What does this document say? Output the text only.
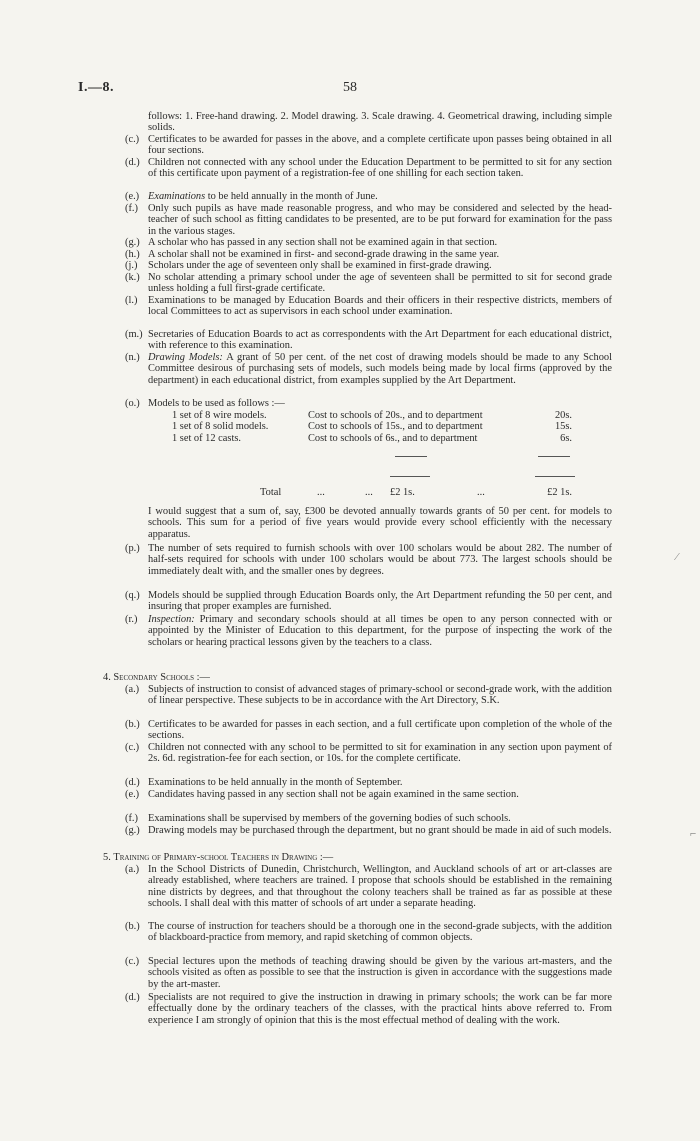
I.—8.	58
follows: 1. Free-hand drawing. 2. Model drawing. 3. Scale drawing. 4. Geometrical drawing, including simple solids.
(c.) Certificates to be awarded for passes in the above, and a complete certificate upon passes being obtained in all four sections.
(d.) Children not connected with any school under the Education Department to be permitted to sit for any section of this certificate upon payment of a registration-fee of one shilling for each section taken.
(e.) Examinations to be held annually in the month of June.
(f.) Only such pupils as have made reasonable progress, and who may be considered and selected by the head-teacher of such school as fitting candidates to be presented, are to be put forward for examination for the pass in the various stages.
(g.) A scholar who has passed in any section shall not be examined again in that section.
(h.) A scholar shall not be examined in first- and second-grade drawing in the same year.
(j.)	Scholars under the age of seventeen only shall be examined in first-grade drawing.
(k.) No scholar attending a primary school under the age of seventeen shall be permitted to sit for second grade unless holding a full first-grade certificate.
(l.)	Examinations to be managed by Education Boards and their officers in their respective districts, members of local Committees to act as supervisors in each school under examination.
(m.) Secretaries of Education Boards to act as correspondents with the Art Department for each educational district, with reference to this examination.
(n.) Drawing Models: A grant of 50 per cent. of the net cost of drawing models should be made to any School Committee desirous of purchasing sets of models, such models being made by local firms (approved by the department) in each educational district, from examples supplied by the Art Department.
(o.) Models to be used as follows :—
1 set of 8 wire models.	Cost to schools of 20s., and to department	20s.
1 set of 8 solid models.	Cost to schools of 15s., and to department	15s.
1 set of 12 casts.	Cost to schools of 6s., and to department	6s.
Total	...	... £2 1s.	...	£2 1s.
I would suggest that a sum of, say, £300 be devoted annually towards grants of 50 per cent. for models to schools. This sum for a period of five years would provide every school efficiently with the necessary apparatus.
(p.) The number of sets required to furnish schools with over 100 scholars would be about 282. The number of half-sets required for schools with under 100 scholars would be about 773. The largest schools should be immediately dealt with, and the smaller ones by degrees.
(q.) Models should be supplied through Education Boards only, the Art Department refunding the 50 per cent, and insuring that proper examples are furnished.
(r.)	Inspection: Primary and secondary schools should at all times be open to any person connected with or appointed by the Minister of Education to this department, for the purpose of inspecting the work of the scholars or hearing practical lessons given by the teachers to a class.
4. Secondary Schools :—
(a.) Subjects of instruction to consist of advanced stages of primary-school or second-grade work, with the addition of linear perspective. These subjects to be in accordance with the Art Directory, S.K.
(b.) Certificates to be awarded for passes in each section, and a full certificate upon completion of the whole of the sections.
(c.) Children not connected with any school to be permitted to sit for examination in any section upon payment of 2s. 6d. registration-fee for each section, or 10s. for the complete certificate.
(d.) Examinations to be held annually in the month of September.
(e.) Candidates having passed in any section shall not be again examined in the same section.
(f.) Examinations shall be supervised by members of the governing bodies of such schools.
(g.) Drawing models may be purchased through the department, but no grant should be made in aid of such models.
5. Training of Primary-school Teachers in Drawing :—
(a.) In the School Districts of Dunedin, Christchurch, Wellington, and Auckland schools of art or art-classes are already established, where teachers are trained. I propose that schools should be established in the remaining nine districts by degrees, and that throughout the colony teachers shall be trained as far as possible at these schools. I shall deal with this matter of schools of art under a separate heading.
(b.) The course of instruction for teachers should be a thorough one in the second-grade subjects, with the addition of blackboard-practice from memory, and rapid sketching of common objects.
(c.) Special lectures upon the methods of teaching drawing should be given by the various art-masters, and the schools visited as often as possible to see that the instruction is given in accordance with the suggestions made by the art-master.
(d.) Specialists are not required to give the instruction in drawing in primary schools; the work can be far more effectually done by the ordinary teachers of the classes, with the practical hints above referred to. From experience I am strongly of opinion that this is the most effectual method of dealing with the work.
⁄
⌐
